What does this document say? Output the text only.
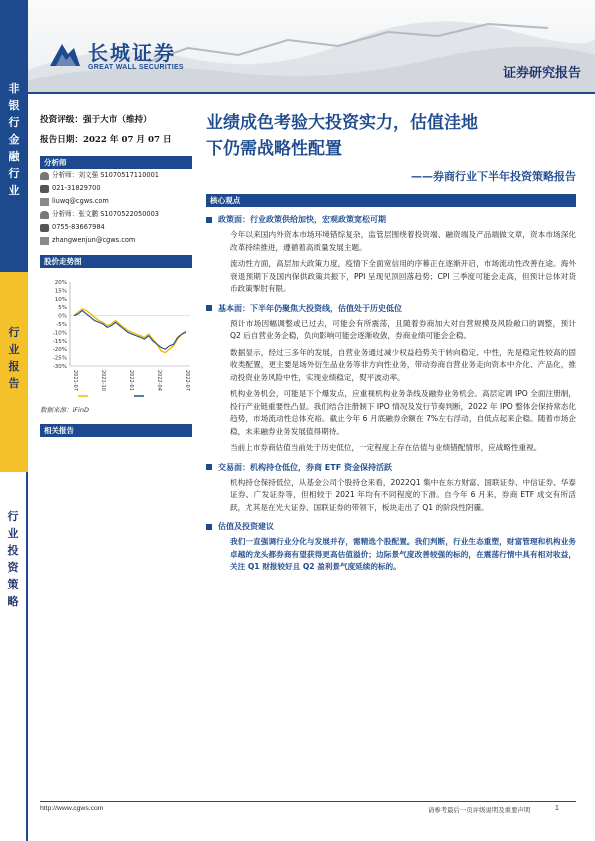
非
银
行
金
融
行
业
行
业
报
告
行
业
投
资
策
略
长城证券
GREAT WALL SECURITIES	证券研究报告
投资评级：强于大市（维持）
报告日期：2022 年 07 月 07 日
分析师
分析师：刘文强 S1070517110001
021-31829700
liuwq@cgws.com
分析师：张文鹏 S1070522050003
0755-83667984
zhangwenjun@cgws.com
股价走势图
20%
15%
10%
5%
0%
-5%
-10%
-15%
-20%
-25%
-30%
2021-07	2021-10	2022-01	2022-04	2022-07
数据来源：iFinD
相关报告
业绩成色考验大投资实力，估值洼地
下仍需战略性配置
——券商行业下半年投资策略报告
核心观点
政策面：行业政策供给加快，宏观政策宽松可期
今年以来国内外资本市场环境错综复杂，监管层围绕着投资端、融资端及产品端做文章，资本市场深化改革持续推进，遵循着高质量发展主题。
流动性方面，高层加大政策力度，疫情下全面宽信用的序幕正在逐渐开启，市场流动性改善在途。海外衰退预期下及国内保供政策共振下，PPI 呈现见顶回落趋势；CPI 三季度可能会走高，但预计总体对货币政策掣肘有限。
基本面：下半年仍聚焦大投资线，估值处于历史低位
预计市场因幅调整或已过去，可能会有所震荡，且随着券商加大对自营规模及风险敞口的调整，预计 Q2 后自营业务企稳，负向影响可能会逐渐收敛，券商业绩可能会企稳。
数据显示，经过三多年的发展，自营业务通过减少权益趋势关于转向稳定、中性，先是稳定性较高的固收类配置，更主要是场外衍生品业务等非方向性业务，带动券商自营业务走向资本中介化、产品化，推动投资业务风险中性，实现业绩稳定，熨平波动率。
机构业务机会，可能是下个爆发点，应重视机构业务条线及融券业务机会。高层定调 IPO 全面注册制，投行产业链重要性凸显。我们结合注册制下 IPO 情况及发行节奏判断，2022 年 IPO 整体会保持常态化趋势，市场流动性总体充裕。截止今年 6 月底融券余额在 7%左右浮动，自低点起来企稳。随着市场企稳，未来融券业务发展值得期待。
当前上市券商估值当前处于历史低位，一定程度上存在估值与业绩错配情形，应战略性重视。
交易面：机构持仓低位，券商 ETF 资金保持活跃
机构持仓保持低位，从基金公司个股持仓来看，2022Q1 集中在东方财富、国联证券、中信证券、华泰证券、广发证券等，但相较于 2021 年均有不同程度的下滑。自今年 6 月来，券商 ETF 成交有所活跃，尤其是在光大证券、国联证券的带领下，板块走出了 Q1 的阶段性阴霾。
估值及投资建议
我们一直强调行业分化与发展并存，需精选个股配置。我们判断，行业生态重塑，财富管理和机构业务卓越的龙头都券商有望获得更高估值溢价；边际景气度改善较强的标的，在震荡行情中具有相对收益，关注 Q1 财报较好且 Q2 盈利景气度延续的标的。
http://www.cgws.com	请参考最后一页评级说明及重要声明	1
